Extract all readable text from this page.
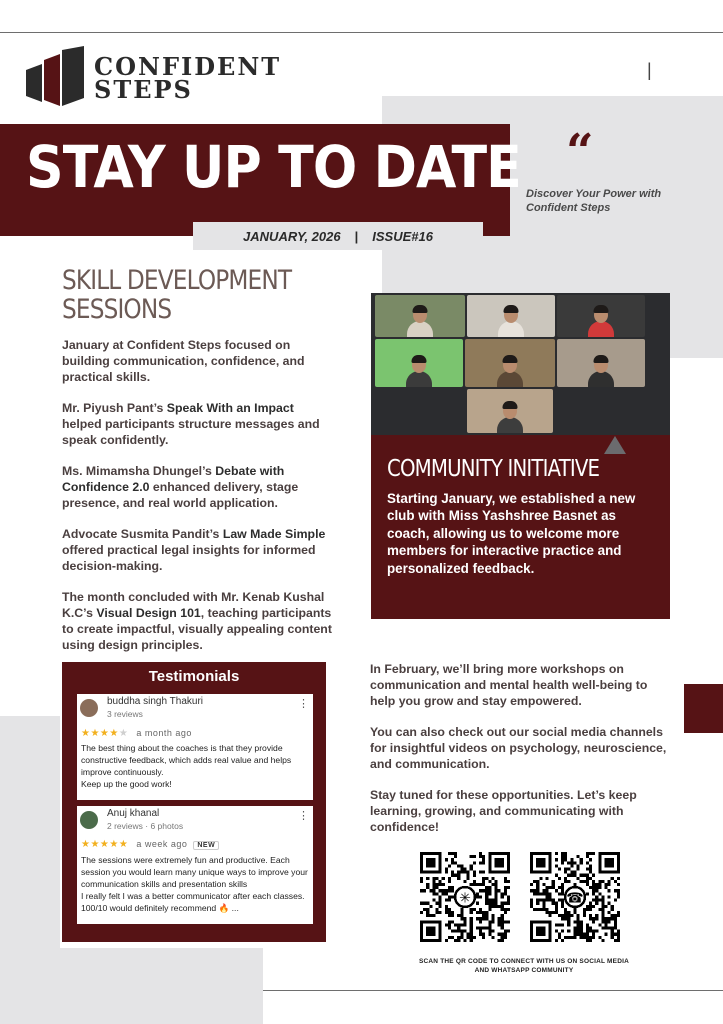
CONFIDENT
STEPS
|
STAY UP TO DATE
JANUARY, 2026 | ISSUE#16
“
Discover Your Power with Confident Steps
SKILL DEVELOPMENT SESSIONS

January at Confident Steps focused on building communication, confidence, and practical skills.

Mr. Piyush Pant’s Speak With an Impact helped participants structure messages and speak confidently.

Ms. Mimamsha Dhungel’s Debate with Confidence 2.0 enhanced delivery, stage presence, and real world application.

Advocate Susmita Pandit’s Law Made Simple offered practical legal insights for informed decision-making.

The month concluded with Mr. Kenab Kushal K.C’s Visual Design 101, teaching participants to create impactful, visually appealing content using design principles.

Testimonials
buddha singh Thakuri
3 reviews
⋮
★★★★★ a month ago
The best thing about the coaches is that they provide constructive feedback, which adds real value and helps improve continuously.
Keep up the good work!
Anuj khanal
2 reviews · 6 photos
⋮
★★★★★ a week ago NEW
The sessions were extremely fun and productive. Each session you would learn many unique ways to improve your communication skills and presentation skills
I really felt I was a better communicator after each classes. 100/10 would definitely recommend 🔥 ...
COMMUNITY INITIATIVE
Starting January, we established a new club with Miss Yashshree Basnet as coach, allowing us to welcome more members for interactive practice and personalized feedback.

In February, we’ll bring more workshops on communication and mental health well-being to help you grow and stay empowered.

You can also check out our social media channels for insightful videos on psychology, neuroscience, and communication.

Stay tuned for these opportunities. Let’s keep learning, growing, and communicating with confidence!

✳	☎
SCAN THE QR CODE TO CONNECT WITH US ON SOCIAL MEDIA
AND WHATSAPP COMMUNITY
